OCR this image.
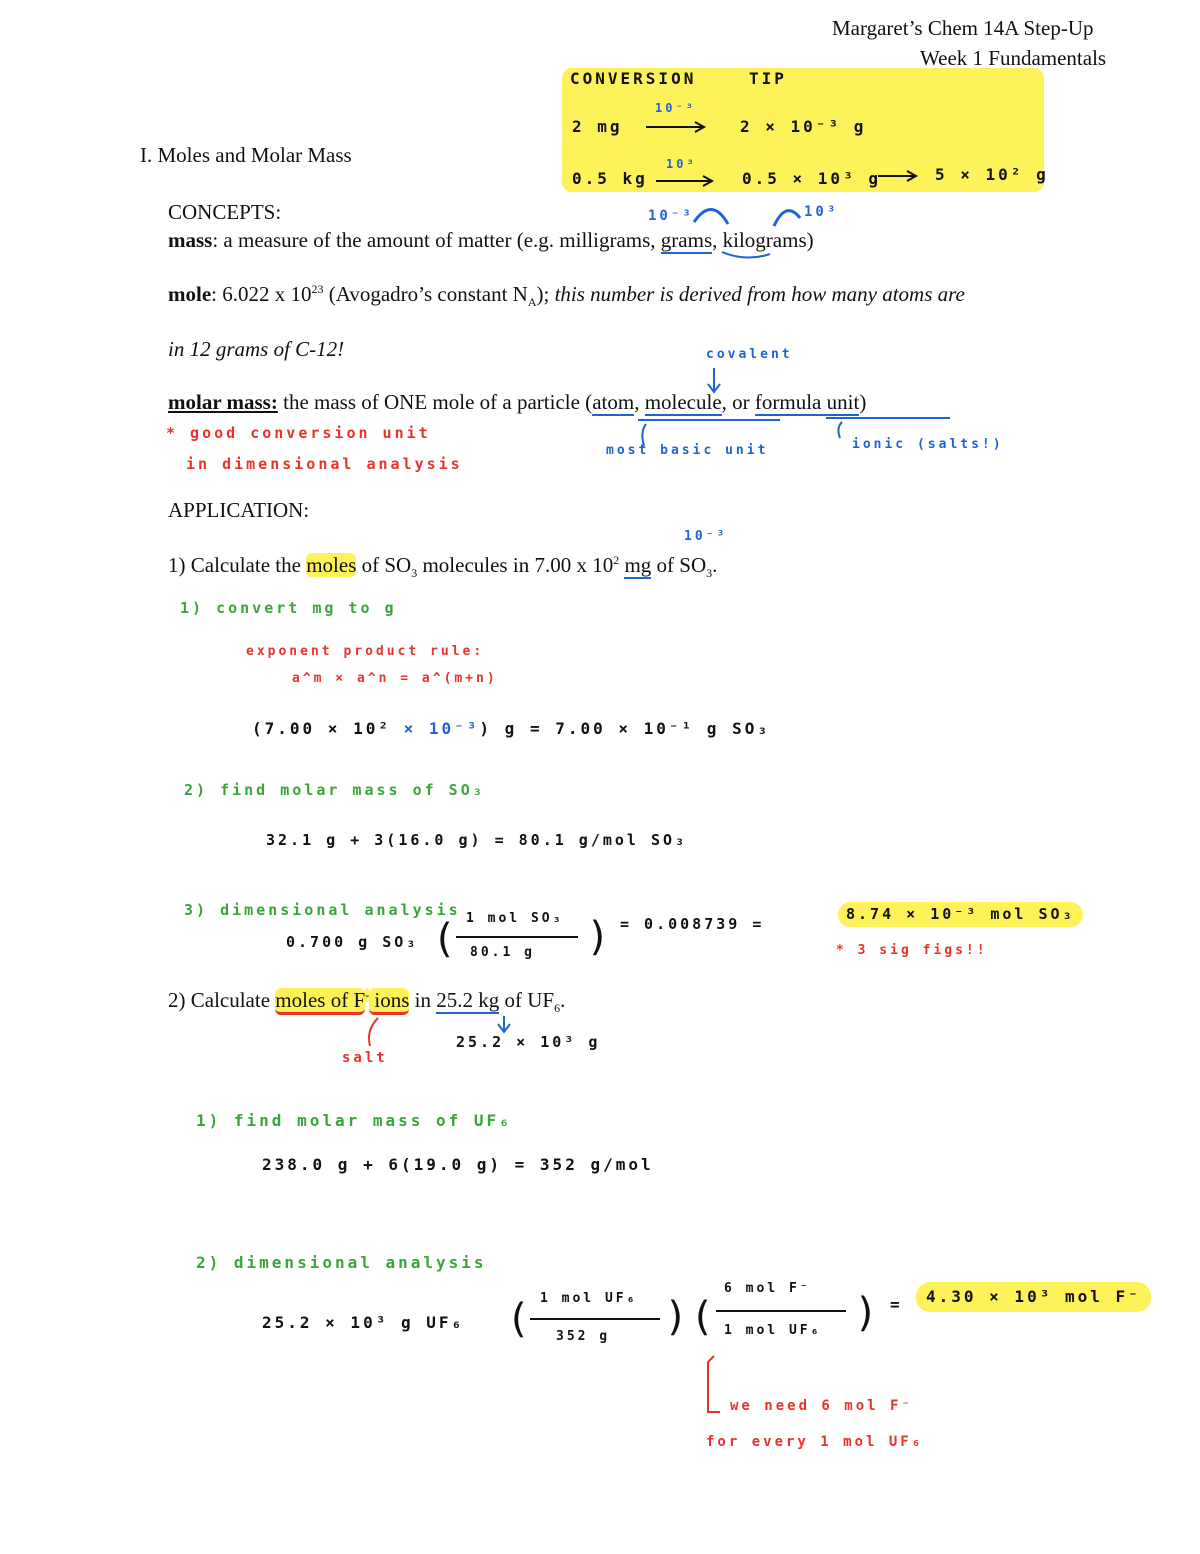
Margaret’s Chem 14A Step-Up
Week 1 Fundamentals
CONVERSION	TIP
10⁻³
2 mg	2 × 10⁻³ g
10³
0.5 kg	0.5 × 10³ g	5 × 10² g
10⁻³	10³
I. Moles and Molar Mass
CONCEPTS:
mass: a measure of the amount of matter (e.g. milligrams, grams, kilograms)
mole: 6.022 x $10^{23}$ (Avogadro’s constant $N_A$); this number is derived from how many atoms are
in 12 grams of C-12!	covalent
molar mass: the mass of ONE mole of a particle (atom, molecule, or formula unit)
* good conversion unit
in dimensional analysis
most basic unit	ionic (salts!)
APPLICATION:
10⁻³
1) Calculate the moles of $SO_3$ molecules in 7.00 x $10^2$ mg of $SO_3$.
1) convert mg to g
exponent product rule:
a^m × a^n = a^(m+n)
(7.00 × 10² × 10⁻³) g = 7.00 × 10⁻¹ g SO₃
2) find molar mass of SO₃
32.1 g + 3(16.0 g) = 80.1 g/mol SO₃
3) dimensional analysis
0.700 g SO₃ ( 1 mol SO₃
80.1 g ) = 0.008739 =
8.74 × 10⁻³ mol SO₃
* 3 sig figs!!
2) Calculate moles of F- ions in 25.2 kg of $UF_6$.
25.2 × 10³ g
salt
1) find molar mass of UF₆
238.0 g + 6(19.0 g) = 352 g/mol
2) dimensional analysis
25.2 × 10³ g UF₆ ( 1 mol UF₆
352 g ) (
6 mol F⁻
1 mol UF₆ ) =	4.30 × 10³ mol F⁻
we need 6 mol F⁻
for every 1 mol UF₆
